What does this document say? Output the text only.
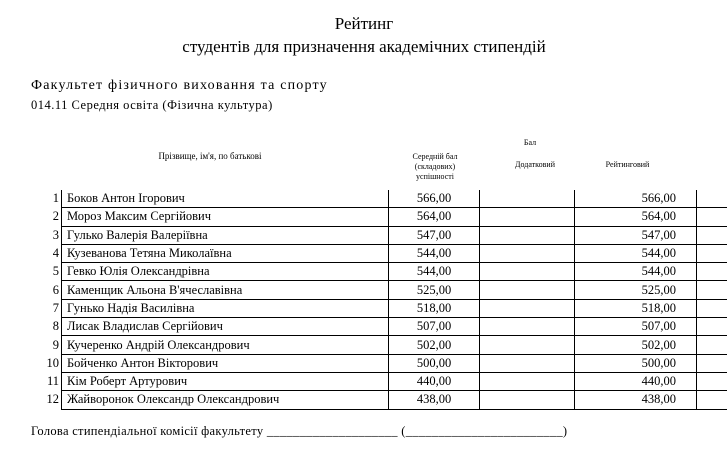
Рейтинг
студентів для призначення академічних стипендій
Факультет фізичного виховання та спорту
014.11 Середня освіта (Фізична культура)
Прізвище, ім'я, по батькові
Бал
Середній бал (складових) успішності
Додатковий	Рейтинговий
1	Боков Антон Ігорович	566,00		566,00	
2	Мороз Максим Сергійович	564,00		564,00	
3	Гулько Валерія Валеріївна	547,00		547,00	
4	Кузеванова Тетяна Миколаївна	544,00		544,00	
5	Гевко Юлія Олександрівна	544,00		544,00	
6	Каменщик Альона В'ячеславівна	525,00		525,00	
7	Гунько Надія Василівна	518,00		518,00	
8	Лисак Владислав Сергійович	507,00		507,00	
9	Кучеренко Андрій Олександрович	502,00		502,00	
10	Бойченко Антон Вікторович	500,00		500,00	
11	Кім Роберт Артурович	440,00		440,00	
12	Жайворонок Олександр Олександрович	438,00		438,00	
Голова стипендіальної комісії факультету ____________________ (________________________)
